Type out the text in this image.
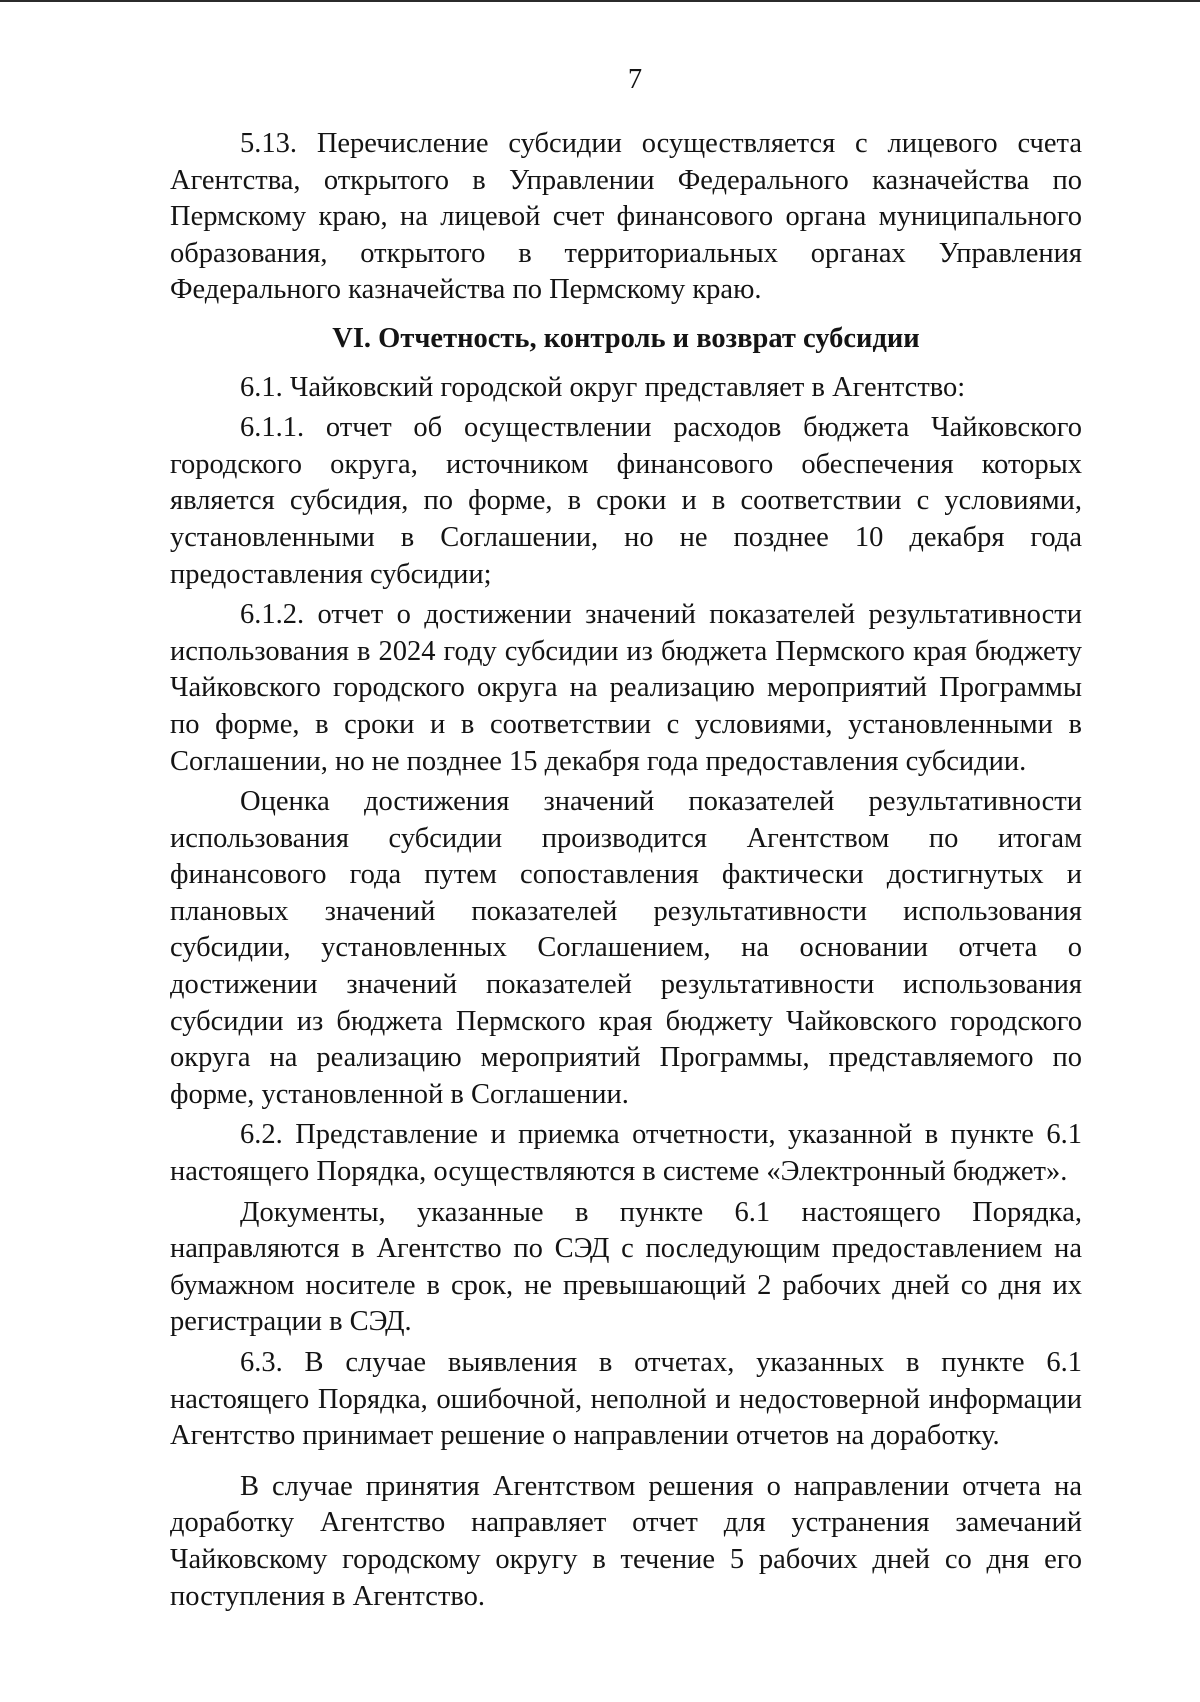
7

5.13. Перечисление субсидии осуществляется с лицевого счета Агентства, открытого в Управлении Федерального казначейства по Пермскому краю, на лицевой счет финансового органа муниципального образования, открытого в территориальных органах Управления Федерального казначейства по Пермскому краю.

VI. Отчетность, контроль и возврат субсидии

6.1. Чайковский городской округ представляет в Агентство:

6.1.1. отчет об осуществлении расходов бюджета Чайковского городского округа, источником финансового обеспечения которых является субсидия, по форме, в сроки и в соответствии с условиями, установленными в Соглашении, но не позднее 10 декабря года предоставления субсидии;

6.1.2. отчет о достижении значений показателей результативности использования в 2024 году субсидии из бюджета Пермского края бюджету Чайковского городского округа на реализацию мероприятий Программы по форме, в сроки и в соответствии с условиями, установленными в Соглашении, но не позднее 15 декабря года предоставления субсидии.

Оценка достижения значений показателей результативности использования субсидии производится Агентством по итогам финансового года путем сопоставления фактически достигнутых и плановых значений показателей результативности использования субсидии, установленных Соглашением, на основании отчета о достижении значений показателей результативности использования субсидии из бюджета Пермского края бюджету Чайковского городского округа на реализацию мероприятий Программы, представляемого по форме, установленной в Соглашении.

6.2. Представление и приемка отчетности, указанной в пункте 6.1 настоящего Порядка, осуществляются в системе «Электронный бюджет».

Документы, указанные в пункте 6.1 настоящего Порядка, направляются в Агентство по СЭД с последующим предоставлением на бумажном носителе в срок, не превышающий 2 рабочих дней со дня их регистрации в СЭД.

6.3. В случае выявления в отчетах, указанных в пункте 6.1 настоящего Порядка, ошибочной, неполной и недостоверной информации Агентство принимает решение о направлении отчетов на доработку.

В случае принятия Агентством решения о направлении отчета на доработку Агентство направляет отчет для устранения замечаний Чайковскому городскому округу в течение 5 рабочих дней со дня его поступления в Агентство.
